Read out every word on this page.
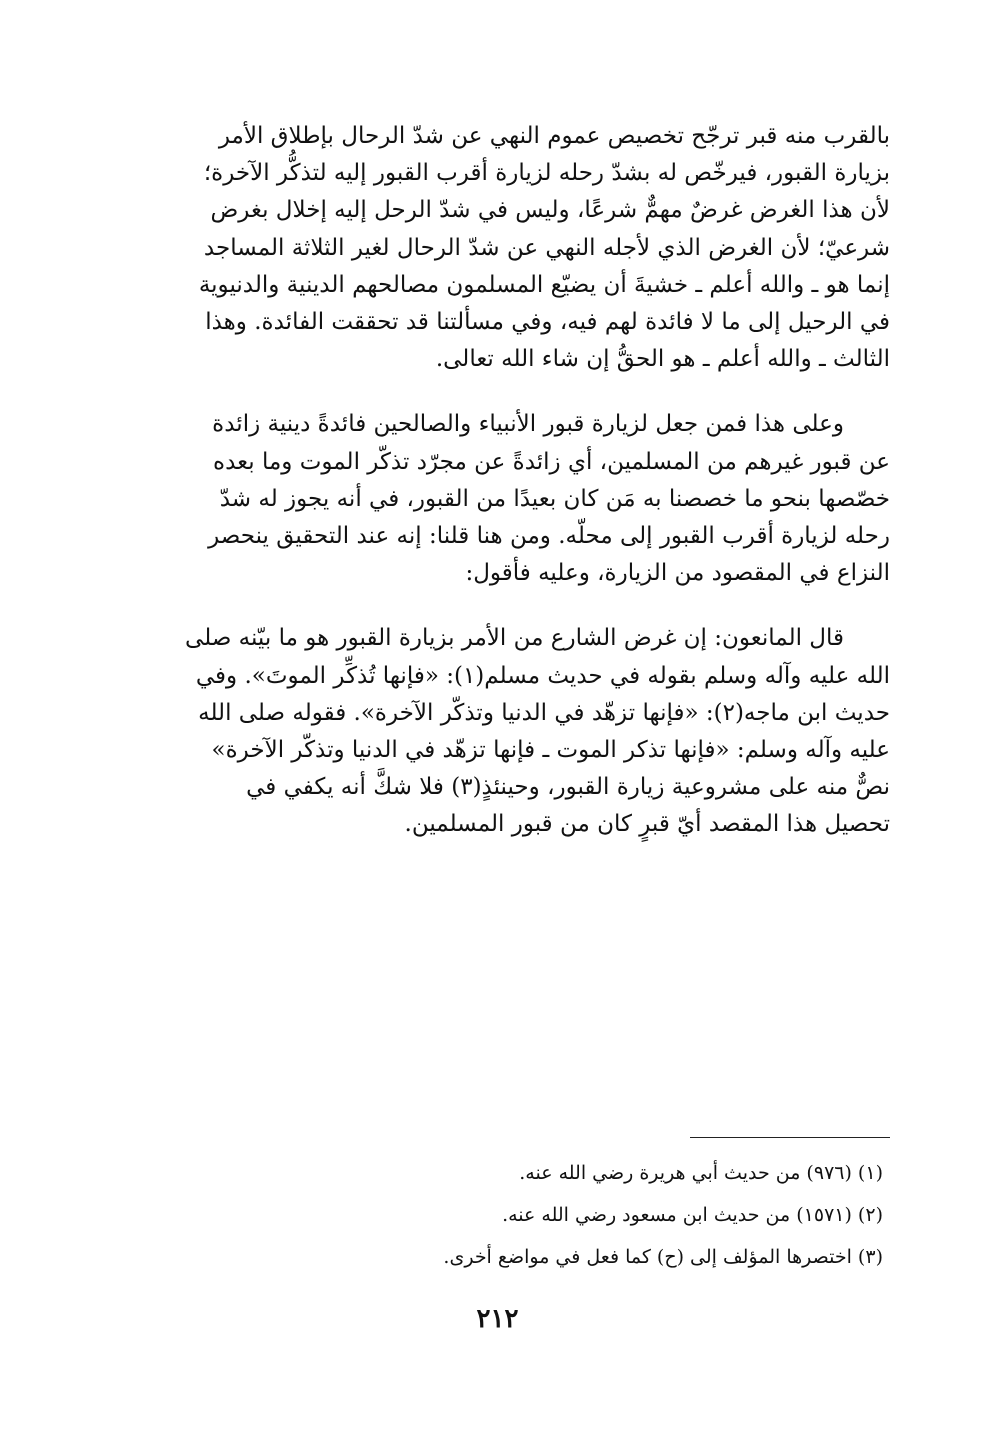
بالقرب منه قبر ترجّح تخصيص عموم النهي عن شدّ الرحال بإطلاق الأمر

بزيارة القبور، فيرخّص له بشدّ رحله لزيارة أقرب القبور إليه لتذكُّر الآخرة؛

لأن هذا الغرض غرضٌ مهمٌّ شرعًا، وليس في شدّ الرحل إليه إخلال بغرض

شرعيّ؛ لأن الغرض الذي لأجله النهي عن شدّ الرحال لغير الثلاثة المساجد

إنما هو ـ والله أعلم ـ خشيةَ أن يضيّع المسلمون مصالحهم الدينية والدنيوية

في الرحيل إلى ما لا فائدة لهم فيه، وفي مسألتنا قد تحققت الفائدة. وهذا

الثالث ـ والله أعلم ـ هو الحقُّ إن شاء الله تعالى.

وعلى هذا فمن جعل لزيارة قبور الأنبياء والصالحين فائدةً دينية زائدة

عن قبور غيرهم من المسلمين، أي زائدةً عن مجرّد تذكّر الموت وما بعده

خصّصها بنحو ما خصصنا به مَن كان بعيدًا من القبور، في أنه يجوز له شدّ

رحله لزيارة أقرب القبور إلى محلّه. ومن هنا قلنا: إنه عند التحقيق ينحصر

النزاع في المقصود من الزيارة، وعليه فأقول:

قال المانعون: إن غرض الشارع من الأمر بزيارة القبور هو ما بيّنه صلى

الله عليه وآله وسلم بقوله في حديث مسلم(١): «فإنها تُذكِّر الموتَ». وفي

حديث ابن ماجه(٢): «فإنها تزهّد في الدنيا وتذكّر الآخرة». فقوله صلى الله

عليه وآله وسلم: «فإنها تذكر الموت ـ فإنها تزهّد في الدنيا وتذكّر الآخرة»

نصٌّ منه على مشروعية زيارة القبور، وحينئذٍ(٣) فلا شكَّ أنه يكفي في

تحصيل هذا المقصد أيّ قبرٍ كان من قبور المسلمين.

(١) (٩٧٦) من حديث أبي هريرة رضي الله عنه.

(٢) (١٥٧١) من حديث ابن مسعود رضي الله عنه.

(٣) اختصرها المؤلف إلى (ح) كما فعل في مواضع أخرى.

٢١٢
